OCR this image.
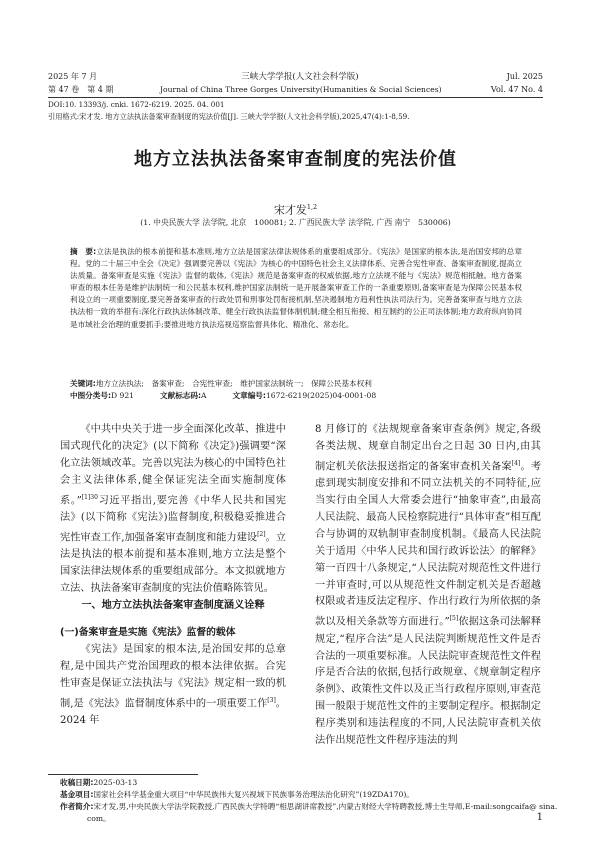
2025 年 7 月
第 47 卷　第 4 期
三峡大学学报(人文社会科学版)
Journal of China Three Gorges University(Humanities & Social Sciences)
Jul. 2025
Vol. 47 No. 4
DOI:10. 13393/j. cnki. 1672-6219. 2025. 04. 001
引用格式:宋才发. 地方立法执法备案审查制度的宪法价值[J]. 三峡大学学报(人文社会科学版),2025,47(4):1-8,59.
地方立法执法备案审查制度的宪法价值
宋才发$^{1,2}$
(1. 中央民族大学 法学院, 北京　100081; 2. 广西民族大学 法学院, 广西 南宁　530006)
摘　要:立法是执法的根本前提和基本准则,地方立法是国家法律法规体系的重要组成部分。《宪法》是国家的根本法,是治国安邦的总章程。党的二十届三中全会《决定》强调要完善以《宪法》为核心的中国特色社会主义法律体系、完善合宪性审查、备案审查制度,提高立法质量。备案审查是实施《宪法》监督的载体,《宪法》规范是备案审查的权威依据,地方立法规不能与《宪法》规范相抵触。地方备案审查的根本任务是维护法制统一和公民基本权利,维护国家法制统一是开展备案审查工作的一条重要原则,备案审查是为保障公民基本权利设立的一项重要制度,要完善备案审查的行政处罚和刑事处罚衔接机制,坚决遏制地方趋利性执法司法行为。完善备案审查与地方立法执法相一致的举措有:深化行政执法体制改革、健全行政执法监督体制机制;健全相互衔接、相互制约的公正司法体制;地方政府纵向协同是市域社会治理的重要抓手;要推进地方执法巡视巡察监督具体化、精准化、常态化。
关键词:地方立法执法;　备案审查;　合宪性审查;　维护国家法制统一;　保障公民基本权利
中图分类号:D 921	文献标志码:A	文章编号:1672-6219(2025)04-0001-08

《中共中央关于进一步全面深化改革、推进中国式现代化的决定》(以下简称《决定》)强调要“深化立法领域改革。完善以宪法为核心的中国特色社会主义法律体系,健全保证宪法全面实施制度体系。”$^{[1]30}$习近平指出,要完善《中华人民共和国宪法》(以下简称《宪法》)监督制度,积极稳妥推进合宪性审查工作,加强备案审查制度和能力建设[2]。立法是执法的根本前提和基本准则,地方立法是整个国家法律法规体系的重要组成部分。本文拟就地方立法、执法备案审查制度的宪法价值略陈管见。

一、地方立法执法备案审查制度涵义诠释
(一)备案审查是实施《宪法》监督的载体

《宪法》是国家的根本法,是治国安邦的总章程,是中国共产党治国理政的根本法律依据。合宪性审查是保证立法执法与《宪法》规定相一致的机制,是《宪法》监督制度体系中的一项重要工作[3]。2024 年

8 月修订的《法规规章备案审查条例》规定,各级各类法规、规章自制定出台之日起 30 日内,由其制定机关依法报送指定的备案审查机关备案[4]。考虑到现实制度安排和不同立法机关的不同特征,应当实行由全国人大常委会进行“抽象审查”,由最高人民法院、最高人民检察院进行“具体审查”相互配合与协调的双轨制审查制度机制。《最高人民法院关于适用〈中华人民共和国行政诉讼法〉的解释》第一百四十八条规定,“人民法院对规范性文件进行一并审查时,可以从规范性文件制定机关是否超越权限或者违反法定程序、作出行政行为所依据的条款以及相关条款等方面进行。”[5]依据这条司法解释规定,“程序合法”是人民法院判断规范性文件是否合法的一项重要标准。人民法院审查规范性文件程序是否合法的依据,包括行政规章、《规章制定程序条例》、政策性文件以及正当行政程序原则,审查范围一般限于规范性文件的主要制定程序。根据制定程序类别和违法程度的不同,人民法院审查机关依法作出规范性文件程序违法的判

收稿日期:2025-03-13
基金项目:国家社会科学基金重大项目“中华民族伟大复兴视域下民族事务治理法治化研究”(19ZDA170)。
作者简介:宋才发,男,中央民族大学法学院教授,广西民族大学特聘“相思湖讲席教授”,内蒙古财经大学特聘教授,博士生导师,E-mail:songcaifa@ sina. com。	1
